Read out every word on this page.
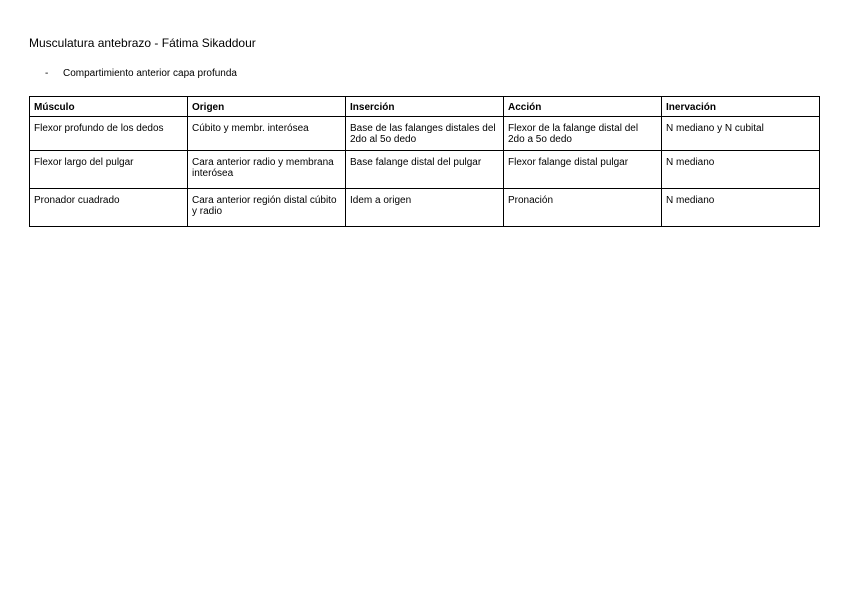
Musculatura antebrazo - Fátima Sikaddour
- Compartimiento anterior capa profunda
Músculo	Origen	Inserción	Acción	Inervación
Flexor profundo de los dedos	Cúbito y membr. interósea	Base de las falanges distales del 2do al 5o dedo	Flexor de la falange distal del 2do a 5o dedo	N mediano y N cubital
Flexor largo del pulgar	Cara anterior radio y membrana interósea	Base falange distal del pulgar	Flexor falange distal pulgar	N mediano
Pronador cuadrado	Cara anterior región distal cúbito y radio	Idem a origen	Pronación	N mediano
